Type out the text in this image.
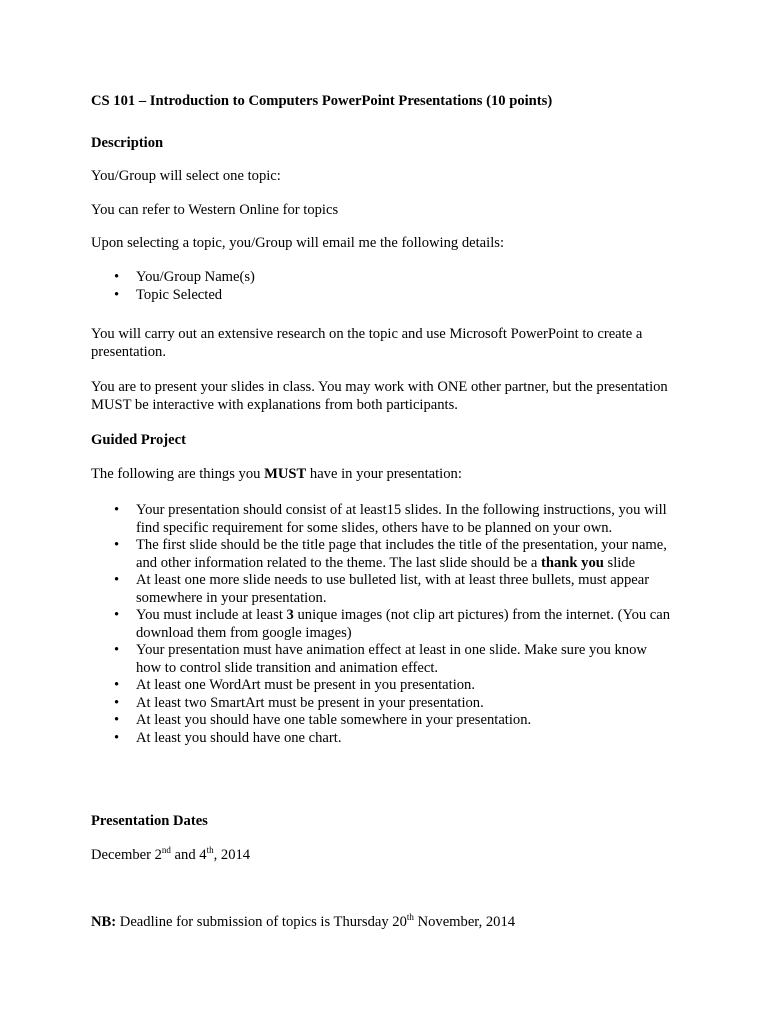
CS 101 – Introduction to Computers PowerPoint Presentations (10 points)

Description

You/Group will select one topic:

You can refer to Western Online for topics

Upon selecting a topic, you/Group will email me the following details:

• You/Group Name(s)
• Topic Selected

You will carry out an extensive research on the topic and use Microsoft PowerPoint to create a presentation.

You are to present your slides in class. You may work with ONE other partner, but the presentation MUST be interactive with explanations from both participants.

Guided Project

The following are things you MUST have in your presentation:

• Your presentation should consist of at least15 slides. In the following instructions, you will find specific requirement for some slides, others have to be planned on your own.
• The first slide should be the title page that includes the title of the presentation, your name, and other information related to the theme. The last slide should be a thank you slide
• At least one more slide needs to use bulleted list, with at least three bullets, must appear somewhere in your presentation.
• You must include at least 3 unique images (not clip art pictures) from the internet. (You can download them from google images)
• Your presentation must have animation effect at least in one slide. Make sure you know how to control slide transition and animation effect.
• At least one WordArt must be present in you presentation.
• At least two SmartArt must be present in your presentation.
• At least you should have one table somewhere in your presentation.
• At least you should have one chart.

Presentation Dates

December 2nd and 4th, 2014

NB: Deadline for submission of topics is Thursday 20th November, 2014
